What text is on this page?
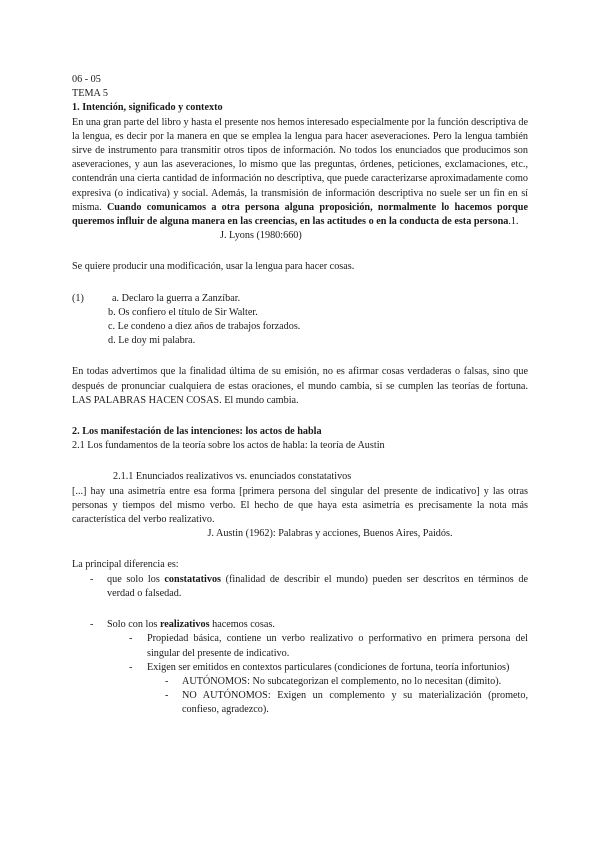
06 - 05

TEMA 5

1. Intención, significado y contexto

En una gran parte del libro y hasta el presente nos hemos interesado especialmente por la función descriptiva de la lengua, es decir por la manera en que se emplea la lengua para hacer aseveraciones. Pero la lengua también sirve de instrumento para transmitir otros tipos de información. No todos los enunciados que producimos son aseveraciones, y aun las aseveraciones, lo mismo que las preguntas, órdenes, peticiones, exclamaciones, etc., contendrán una cierta cantidad de información no descriptiva, que puede caracterizarse aproximadamente como expresiva (o indicativa) y social. Además, la transmisión de información descriptiva no suele ser un fin en sí misma. Cuando comunicamos a otra persona alguna proposición, normalmente lo hacemos porque queremos influir de alguna manera en las creencias, en las actitudes o en la conducta de esta persona.1.

J. Lyons (1980:660)

Se quiere producir una modificación, usar la lengua para hacer cosas.

(1)	a. Declaro la guerra a Zanzíbar.
b. Os confiero el título de Sir Walter.
c. Le condeno a diez años de trabajos forzados.
d. Le doy mi palabra.

En todas advertimos que la finalidad última de su emisión, no es afirmar cosas verdaderas o falsas, sino que después de pronunciar cualquiera de estas oraciones, el mundo cambia, si se cumplen las teorías de fortuna. LAS PALABRAS HACEN COSAS. El mundo cambia.

2. Los manifestación de las intenciones: los actos de habla

2.1 Los fundamentos de la teoría sobre los actos de habla: la teoría de Austin

2.1.1 Enunciados realizativos vs. enunciados constatativos

[...] hay una asimetría entre esa forma [primera persona del singular del presente de indicativo] y las otras personas y tiempos del mismo verbo. El hecho de que haya esta asimetría es precisamente la nota más característica del verbo realizativo.

J. Austin (1962): Palabras y acciones, Buenos Aires, Paidós.

La principal diferencia es:

- que solo los constatativos (finalidad de describir el mundo) pueden ser descritos en términos de verdad o falsedad.
- Solo con los realizativos hacemos cosas.
- Propiedad básica, contiene un verbo realizativo o performativo en primera persona del singular del presente de indicativo.
- Exigen ser emitidos en contextos particulares (condiciones de fortuna, teoría infortunios)
- AUTÓNOMOS: No subcategorizan el complemento, no lo necesitan (dimito).
- NO AUTÓNOMOS: Exigen un complemento y su materialización (prometo, confieso, agradezco).
